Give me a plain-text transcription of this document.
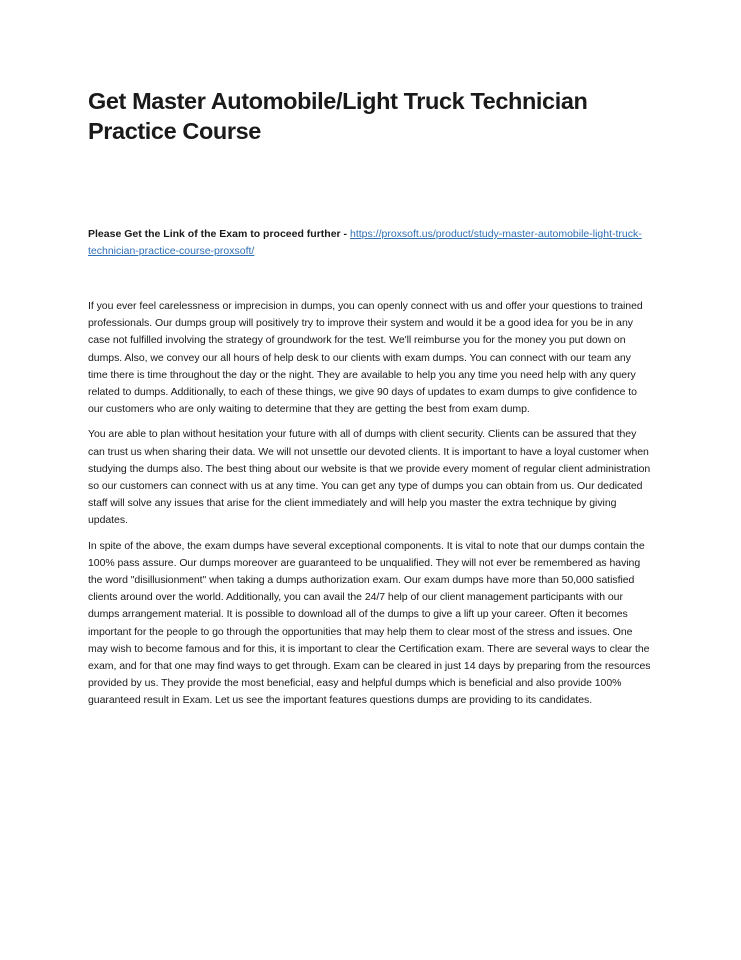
Get Master Automobile/Light Truck Technician Practice Course

Please Get the Link of the Exam to proceed further - https://proxsoft.us/product/study-master-automobile-light-truck-technician-practice-course-proxsoft/

If you ever feel carelessness or imprecision in dumps, you can openly connect with us and offer your questions to trained professionals. Our dumps group will positively try to improve their system and would it be a good idea for you be in any case not fulfilled involving the strategy of groundwork for the test. We'll reimburse you for the money you put down on dumps. Also, we convey our all hours of help desk to our clients with exam dumps. You can connect with our team any time there is time throughout the day or the night. They are available to help you any time you need help with any query related to dumps. Additionally, to each of these things, we give 90 days of updates to exam dumps to give confidence to our customers who are only waiting to determine that they are getting the best from exam dump.

You are able to plan without hesitation your future with all of dumps with client security. Clients can be assured that they can trust us when sharing their data. We will not unsettle our devoted clients. It is important to have a loyal customer when studying the dumps also. The best thing about our website is that we provide every moment of regular client administration so our customers can connect with us at any time. You can get any type of dumps you can obtain from us. Our dedicated staff will solve any issues that arise for the client immediately and will help you master the extra technique by giving updates.

In spite of the above, the exam dumps have several exceptional components. It is vital to note that our dumps contain the 100% pass assure. Our dumps moreover are guaranteed to be unqualified. They will not ever be remembered as having the word "disillusionment" when taking a dumps authorization exam. Our exam dumps have more than 50,000 satisfied clients around over the world. Additionally, you can avail the 24/7 help of our client management participants with our dumps arrangement material. It is possible to download all of the dumps to give a lift up your career. Often it becomes important for the people to go through the opportunities that may help them to clear most of the stress and issues. One may wish to become famous and for this, it is important to clear the Certification exam. There are several ways to clear the exam, and for that one may find ways to get through. Exam can be cleared in just 14 days by preparing from the resources provided by us. They provide the most beneficial, easy and helpful dumps which is beneficial and also provide 100% guaranteed result in Exam. Let us see the important features questions dumps are providing to its candidates.
